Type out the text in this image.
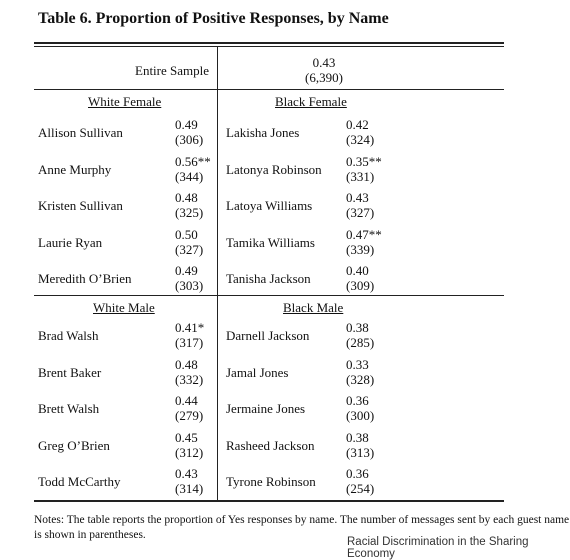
Table 6. Proportion of Positive Responses, by Name
Entire Sample
0.43
(6,390)
White Female	Black Female
White Male	Black Male
Notes: The table reports the proportion of Yes responses by name. The number of messages sent by each guest name is shown in parentheses.
Racial Discrimination in the Sharing Economy
Allison Sullivan
0.49
(306)
Anne Murphy
0.56**
(344)
Kristen Sullivan
0.48
(325)
Laurie Ryan
0.50
(327)
Meredith O’Brien
0.49
(303)
Lakisha Jones
0.42
(324)
Latonya Robinson
0.35**
(331)
Latoya Williams
0.43
(327)
Tamika Williams
0.47**
(339)
Tanisha Jackson
0.40
(309)
Brad Walsh
0.41*
(317)
Brent Baker
0.48
(332)
Brett Walsh
0.44
(279)
Greg O’Brien
0.45
(312)
Todd McCarthy
0.43
(314)
Darnell Jackson
0.38
(285)
Jamal Jones
0.33
(328)
Jermaine Jones
0.36
(300)
Rasheed Jackson
0.38
(313)
Tyrone Robinson
0.36
(254)
